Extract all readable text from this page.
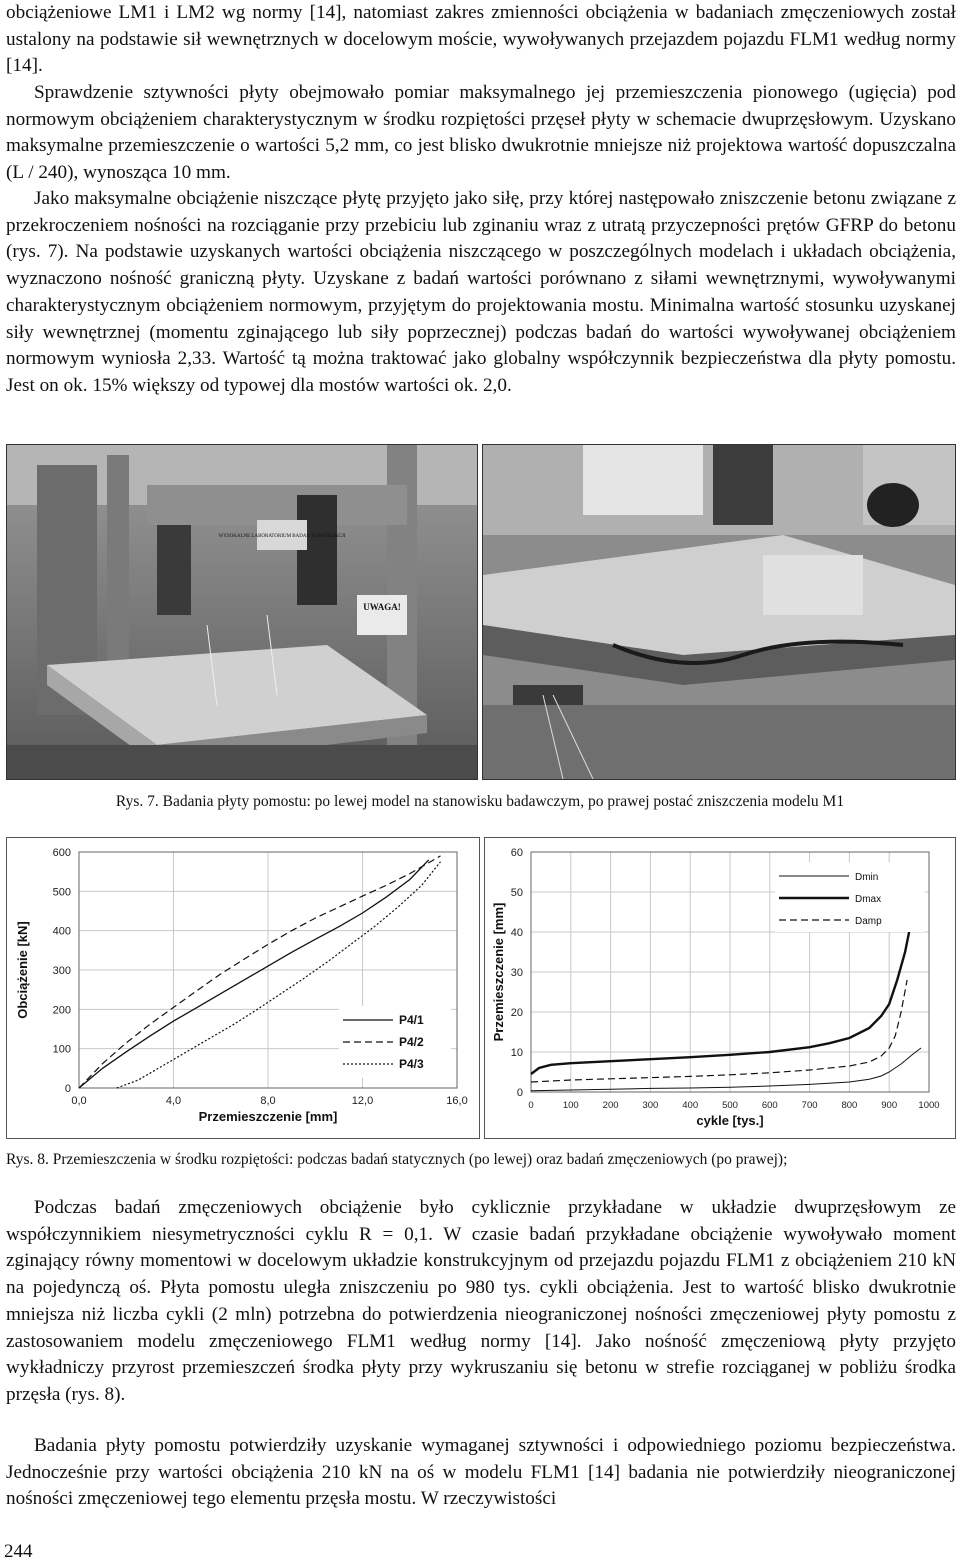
obciążeniowe LM1 i LM2 wg normy [14], natomiast zakres zmienności obciążenia w badaniach zmęczeniowych został ustalony na podstawie sił wewnętrznych w docelowym moście, wywoływanych przejazdem pojazdu FLM1 według normy [14].

Sprawdzenie sztywności płyty obejmowało pomiar maksymalnego jej przemieszczenia pionowego (ugięcia) pod normowym obciążeniem charakterystycznym w środku rozpiętości przęseł płyty w schemacie dwuprzęsłowym. Uzyskano maksymalne przemieszczenie o wartości 5,2 mm, co jest blisko dwukrotnie mniejsze niż projektowa wartość dopuszczalna (L / 240), wynosząca 10 mm.

Jako maksymalne obciążenie niszczące płytę przyjęto jako siłę, przy której następowało zniszczenie betonu związane z przekroczeniem nośności na rozciąganie przy przebiciu lub zginaniu wraz z utratą przyczepności prętów GFRP do betonu (rys. 7). Na podstawie uzyskanych wartości obciążenia niszczącego w poszczególnych modelach i układach obciążenia, wyznaczono nośność graniczną płyty. Uzyskane z badań wartości porównano z siłami wewnętrznymi, wywoływanymi charakterystycznym obciążeniem normowym, przyjętym do projektowania mostu. Minimalna wartość stosunku uzyskanej siły wewnętrznej (momentu zginającego lub siły poprzecznej) podczas badań do wartości wywoływanej obciążeniem normowym wyniosła 2,33. Wartość tą można traktować jako globalny współczynnik bezpieczeństwa dla płyty pomostu. Jest on ok. 15% większy od typowej dla mostów wartości ok. 2,0.

WYSOKALNE LABORATORIUM BADAŃ KONSTRUKCJI
UWAGA!
Rys. 7. Badania płyty pomostu: po lewej model na stanowisku badawczym, po prawej postać zniszczenia modelu M1
0
100
200
300
400
500
600
0,0	4,0	8,0	12,0	16,0
Przemieszczenie [mm]
Obciążenie [kN]
P4/1
P4/2
P4/3
0
10
20
30
40
50
60
0	100	200	300	400	500	600	700	800	900 1000
cykle [tys.]
Przemieszczenie [mm]
Dmin
Dmax
Damp
Rys. 8. Przemieszczenia w środku rozpiętości: podczas badań statycznych (po lewej) oraz badań zmęczeniowych (po prawej);

Podczas badań zmęczeniowych obciążenie było cyklicznie przykładane w układzie dwuprzęsłowym ze współczynnikiem niesymetryczności cyklu R = 0,1. W czasie badań przykładane obciążenie wywoływało moment zginający równy momentowi w docelowym układzie konstrukcyjnym od przejazdu pojazdu FLM1 z obciążeniem 210 kN na pojedynczą oś. Płyta pomostu uległa zniszczeniu po 980 tys. cykli obciążenia. Jest to wartość blisko dwukrotnie mniejsza niż liczba cykli (2 mln) potrzebna do potwierdzenia nieograniczonej nośności zmęczeniowej płyty pomostu z zastosowaniem modelu zmęczeniowego FLM1 według normy [14]. Jako nośność zmęczeniową płyty przyjęto wykładniczy przyrost przemieszczeń środka płyty przy wykruszaniu się betonu w strefie rozciąganej w pobliżu środka przęsła (rys. 8).

Badania płyty pomostu potwierdziły uzyskanie wymaganej sztywności i odpowiedniego poziomu bezpieczeństwa. Jednocześnie przy wartości obciążenia 210 kN na oś w modelu FLM1 [14] badania nie potwierdziły nieograniczonej nośności zmęczeniowej tego elementu przęsła mostu. W rzeczywistości

244
